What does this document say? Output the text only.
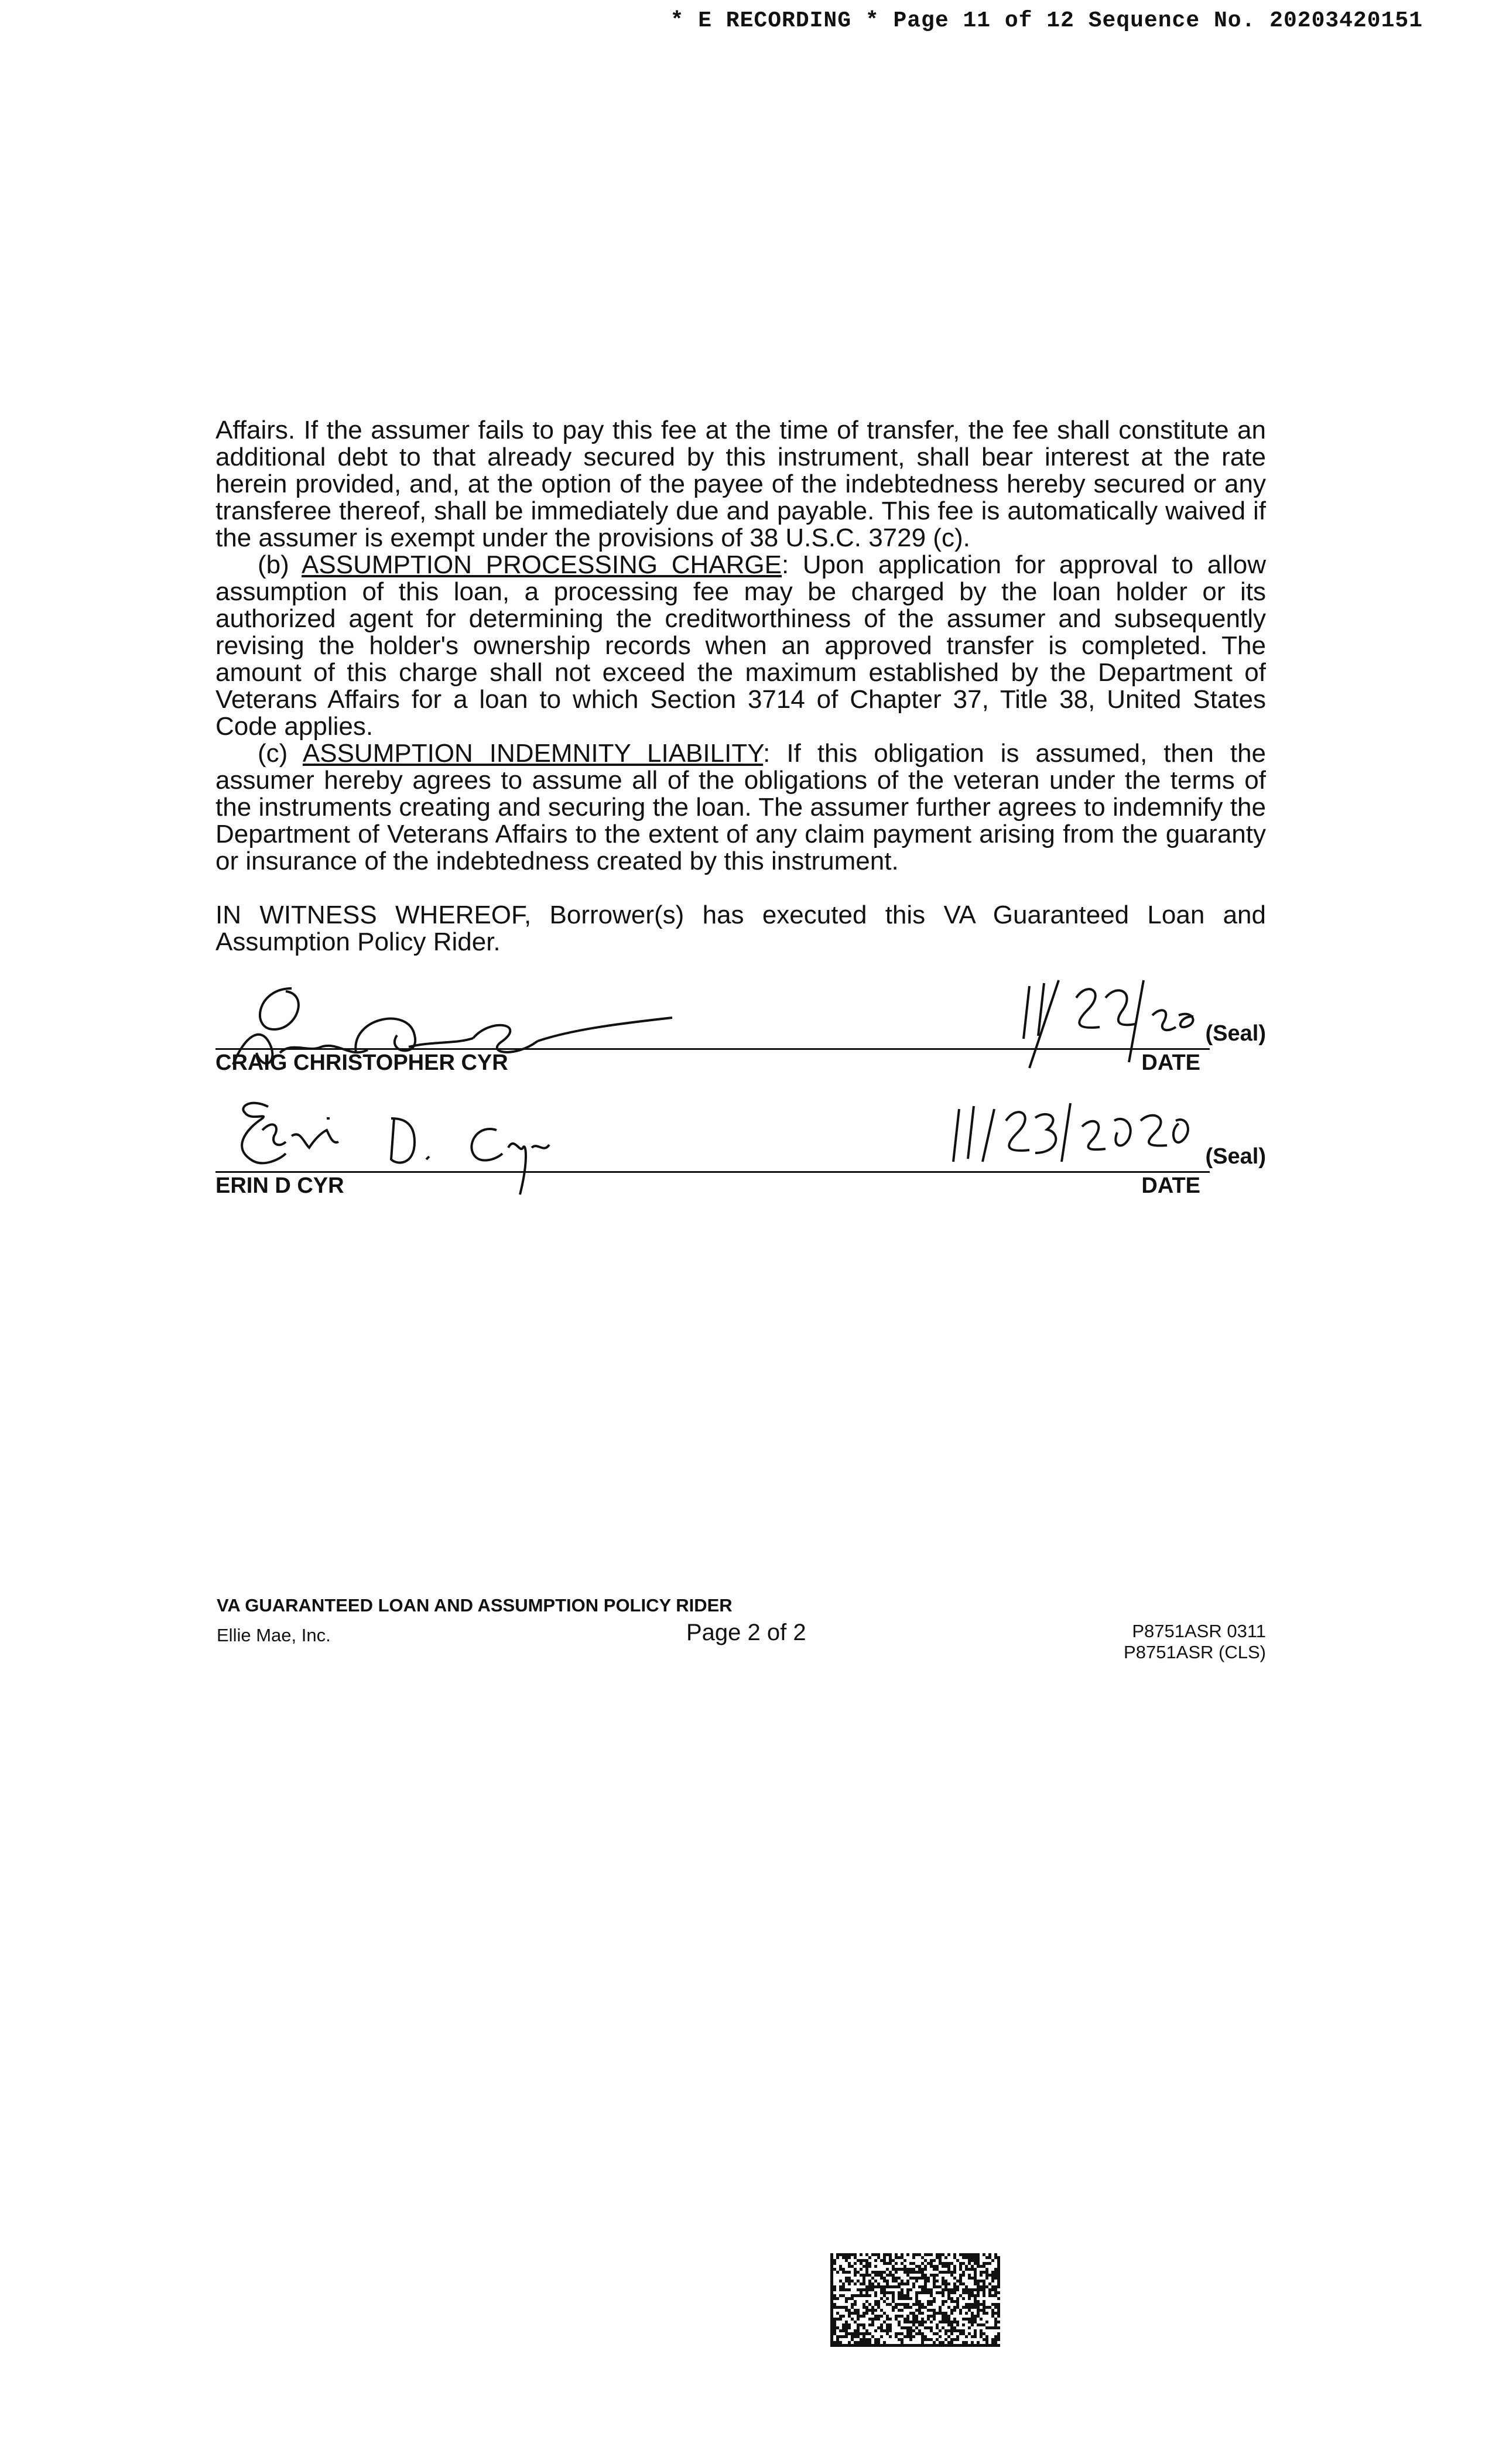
* E RECORDING * Page 11 of 12 Sequence No. 20203420151

Affairs. If the assumer fails to pay this fee at the time of transfer, the fee shall constitute an additional debt to that already secured by this instrument, shall bear interest at the rate herein provided, and, at the option of the payee of the indebtedness hereby secured or any transferee thereof, shall be immediately due and payable. This fee is automatically waived if the assumer is exempt under the provisions of 38 U.S.C. 3729 (c).

(b) ASSUMPTION PROCESSING CHARGE: Upon application for approval to allow assumption of this loan, a processing fee may be charged by the loan holder or its authorized agent for determining the creditworthiness of the assumer and subsequently revising the holder's ownership records when an approved transfer is completed. The amount of this charge shall not exceed the maximum established by the Department of Veterans Affairs for a loan to which Section 3714 of Chapter 37, Title 38, United States Code applies.

(c) ASSUMPTION INDEMNITY LIABILITY: If this obligation is assumed, then the assumer hereby agrees to assume all of the obligations of the veteran under the terms of the instruments creating and securing the loan. The assumer further agrees to indemnify the Department of Veterans Affairs to the extent of any claim payment arising from the guaranty or insurance of the indebtedness created by this instrument.

IN WITNESS WHEREOF, Borrower(s) has executed this VA Guaranteed Loan and Assumption Policy Rider.

(Seal)
CRAIG CHRISTOPHER CYR	DATE
(Seal)
ERIN D CYR	DATE
VA GUARANTEED LOAN AND ASSUMPTION POLICY RIDER
Ellie Mae, Inc.	Page 2 of 2	P8751ASR 0311
P8751ASR (CLS)
